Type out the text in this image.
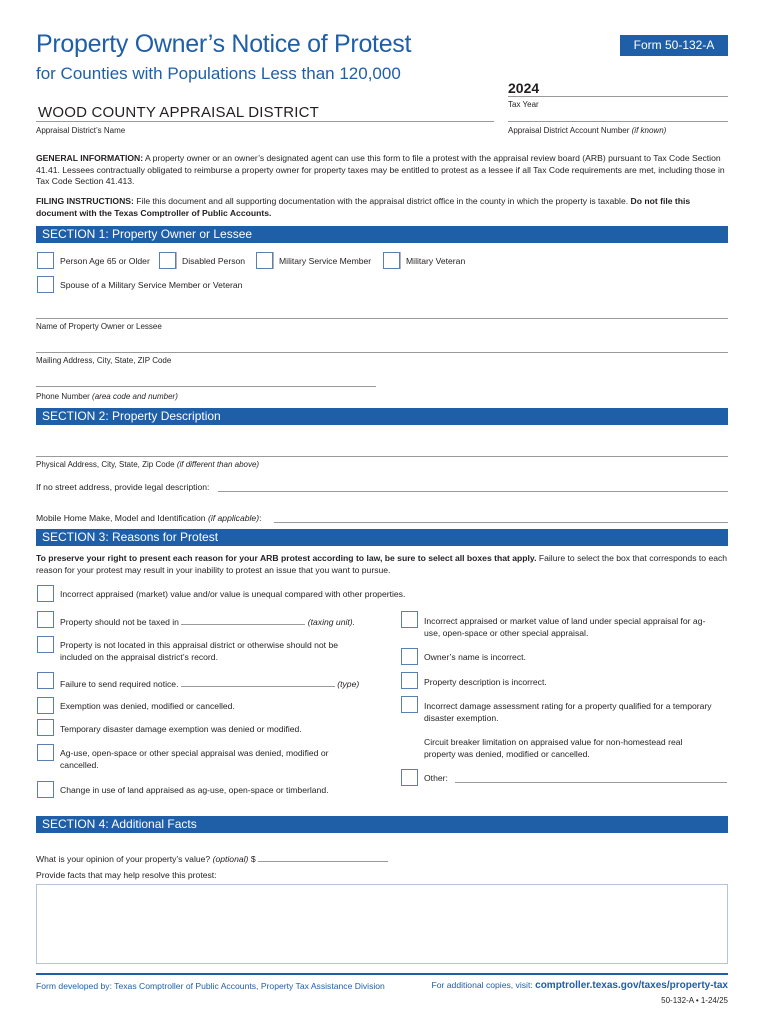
Property Owner’s Notice of Protest
for Counties with Populations Less than 120,000
Form 50-132-A
2024
Tax Year
WOOD COUNTY APPRAISAL DISTRICT
Appraisal District’s Name	Appraisal District Account Number (if known)
GENERAL INFORMATION: A property owner or an owner’s designated agent can use this form to file a protest with the appraisal review board (ARB) pursuant to Tax Code Section 41.41. Lessees contractually obligated to reimburse a property owner for property taxes may be entitled to protest as a lessee if all Tax Code requirements are met, including those in Tax Code Section 41.413.
FILING INSTRUCTIONS: File this document and all supporting documentation with the appraisal district office in the county in which the property is taxable. Do not file this document with the Texas Comptroller of Public Accounts.
SECTION 1: Property Owner or Lessee
Person Age 65 or Older	Disabled Person	Military Service Member	Military Veteran
Spouse of a Military Service Member or Veteran
Name of Property Owner or Lessee
Mailing Address, City, State, ZIP Code
Phone Number (area code and number)
SECTION 2: Property Description
Physical Address, City, State, Zip Code (if different than above)
If no street address, provide legal description:
Mobile Home Make, Model and Identification (if applicable):
SECTION 3: Reasons for Protest
To preserve your right to present each reason for your ARB protest according to law, be sure to select all boxes that apply. Failure to select the box that corresponds to each reason for your protest may result in your inability to protest an issue that you want to pursue.
Incorrect appraised (market) value and/or value is unequal compared with other properties.
Property should not be taxed in	(taxing unit).
Property is not located in this appraisal district or otherwise should not be included on the appraisal district’s record.
Failure to send required notice.	(type)
Exemption was denied, modified or cancelled.
Temporary disaster damage exemption was denied or modified.
Ag-use, open-space or other special appraisal was denied, modified or cancelled.
Change in use of land appraised as ag-use, open-space or timberland.
Incorrect appraised or market value of land under special appraisal for ag-use, open-space or other special appraisal.
Owner’s name is incorrect.
Property description is incorrect.
Incorrect damage assessment rating for a property qualified for a temporary disaster exemption.
Circuit breaker limitation on appraised value for non-homestead real property was denied, modified or cancelled.
Other:
SECTION 4: Additional Facts
What is your opinion of your property’s value? (optional) $
Provide facts that may help resolve this protest:
Form developed by: Texas Comptroller of Public Accounts, Property Tax Assistance Division	For additional copies, visit: comptroller.texas.gov/taxes/property-tax
50-132-A • 1-24/25
